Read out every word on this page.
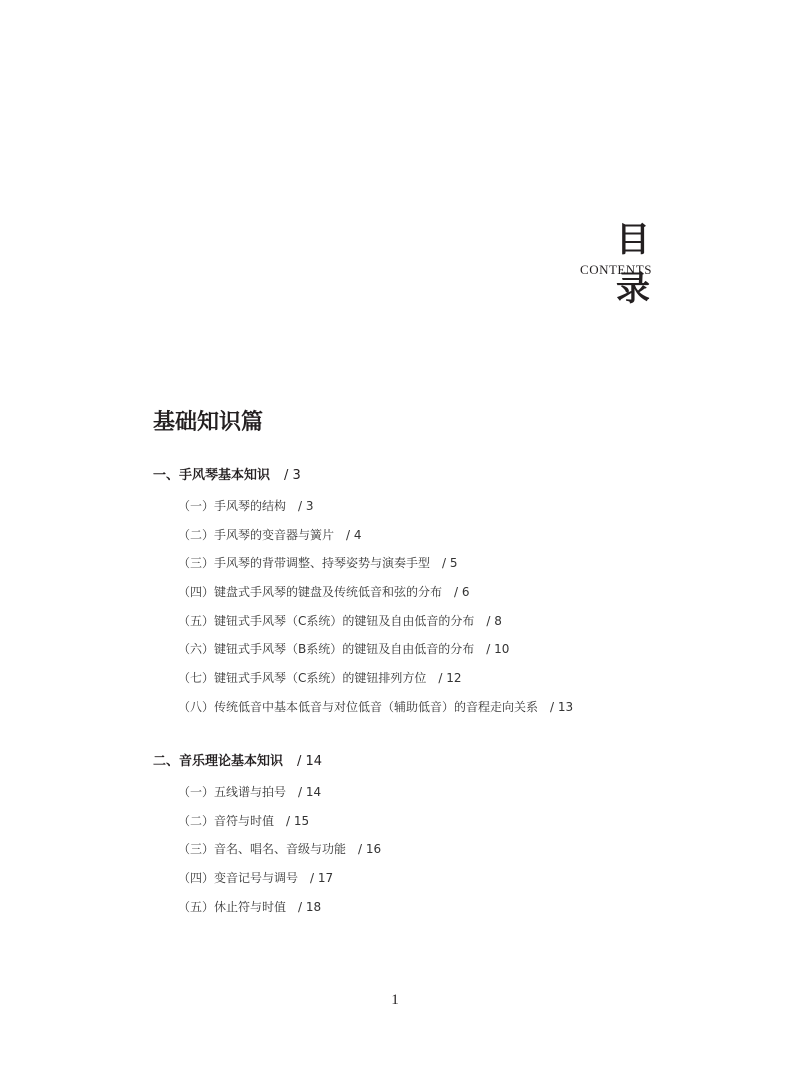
目 录
CONTENTS
基础知识篇
一、手风琴基本知识 / 3
（一）手风琴的结构 / 3
（二）手风琴的变音器与簧片 / 4
（三）手风琴的背带调整、持琴姿势与演奏手型 / 5
（四）键盘式手风琴的键盘及传统低音和弦的分布 / 6
（五）键钮式手风琴（C系统）的键钮及自由低音的分布 / 8
（六）键钮式手风琴（B系统）的键钮及自由低音的分布 / 10
（七）键钮式手风琴（C系统）的键钮排列方位 / 12
（八）传统低音中基本低音与对位低音（辅助低音）的音程走向关系 / 13
二、音乐理论基本知识 / 14
（一）五线谱与拍号 / 14
（二）音符与时值 / 15
（三）音名、唱名、音级与功能 / 16
（四）变音记号与调号 / 17
（五）休止符与时值 / 18
1
